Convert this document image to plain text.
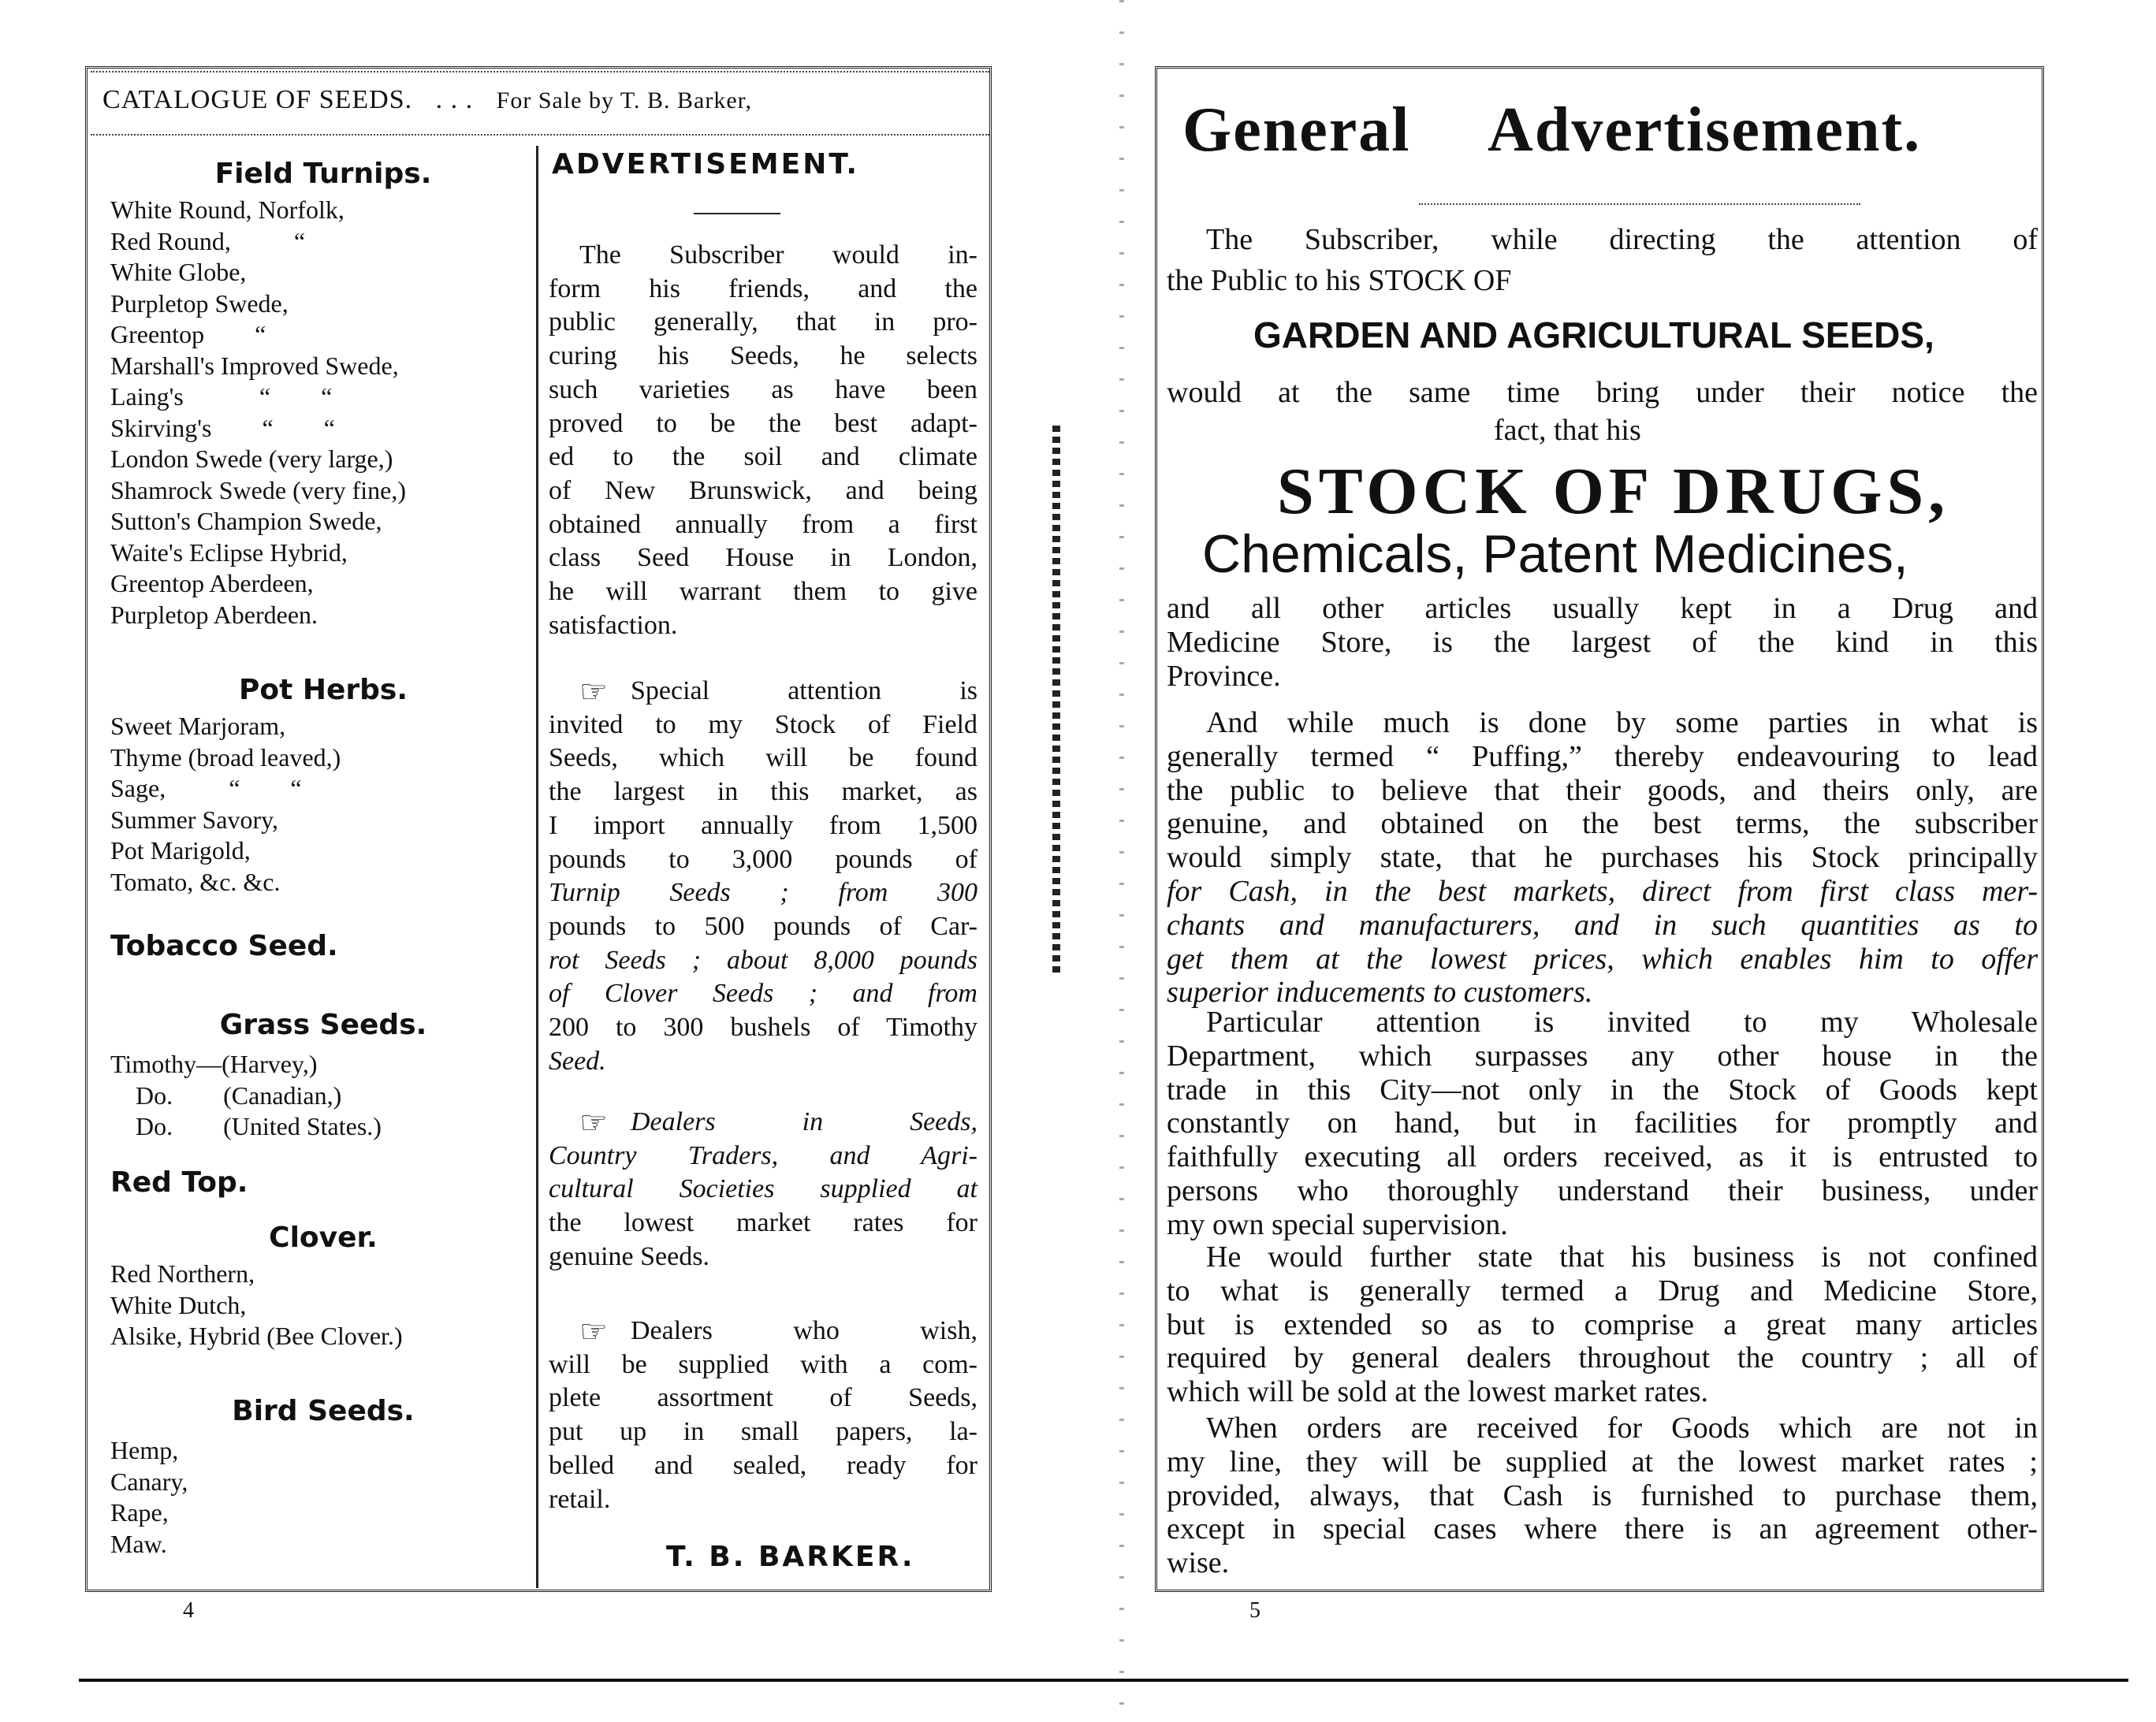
CATALOGUE OF SEEDS. . . . For Sale by T. B. Barker,
Field Turnips.
White Round, Norfolk,
Red Round,          “
White Globe,
Purpletop Swede,
Greentop        “
Marshall's Improved Swede,
Laing's            “        “
Skirving's        “        “
London Swede (very large,)
Shamrock Swede (very fine,)
Sutton's Champion Swede,
Waite's Eclipse Hybrid,
Greentop Aberdeen,
Purpletop Aberdeen.
Pot Herbs.
Sweet Marjoram,
Thyme (broad leaved,)
Sage,          “        “
Summer Savory,
Pot Marigold,
Tomato, &c. &c.
Tobacco Seed.
Grass Seeds.
Timothy—(Harvey,)
Do.        (Canadian,)
Do.        (United States.)
Red Top.
Clover.
Red Northern,
White Dutch,
Alsike, Hybrid (Bee Clover.)
Bird Seeds.
Hemp,
Canary,
Rape,
Maw.
ADVERTISEMENT.
The Subscriber would in-
form his friends, and the
public generally, that in pro-
curing his Seeds, he selects
such varieties as have been
proved to be the best adapt-
ed to the soil and climate
of New Brunswick, and being
obtained annually from a first
class Seed House in London,
he will warrant them to give
satisfaction.
Special attention is
invited to my Stock of Field
Seeds, which will be found
the largest in this market, as
I import annually from 1,500
pounds to 3,000 pounds of
Turnip Seeds ; from 300
pounds to 500 pounds of Car-
rot Seeds ; about 8,000 pounds
of Clover Seeds ; and from
200 to 300 bushels of Timothy
Seed.
☞
Dealers in Seeds,
Country Traders, and Agri-
cultural Societies supplied at
the lowest market rates for
genuine Seeds.
☞
Dealers who wish,
will be supplied with a com-
plete assortment of Seeds,
put up in small papers, la-
belled and sealed, ready for
retail.
☞
T. B. BARKER.
4
General Advertisement.
The Subscriber, while directing the attention of
the Public to his STOCK OF
GARDEN AND AGRICULTURAL SEEDS,
would at the same time bring under their notice the
fact, that his
STOCK OF DRUGS,
Chemicals, Patent Medicines,
and all other articles usually kept in a Drug and
Medicine Store, is the largest of the kind in this
Province.
And while much is done by some parties in what is
generally termed “ Puffing,” thereby endeavouring to lead
the public to believe that their goods, and theirs only, are
genuine, and obtained on the best terms, the subscriber
would simply state, that he purchases his Stock principally
for Cash, in the best markets, direct from first class mer-
chants and manufacturers, and in such quantities as to
get them at the lowest prices, which enables him to offer
superior inducements to customers.
Particular attention is invited to my Wholesale
Department, which surpasses any other house in the
trade in this City—not only in the Stock of Goods kept
constantly on hand, but in facilities for promptly and
faithfully executing all orders received, as it is entrusted to
persons who thoroughly understand their business, under
my own special supervision.
He would further state that his business is not confined
to what is generally termed a Drug and Medicine Store,
but is extended so as to comprise a great many articles
required by general dealers throughout the country ; all of
which will be sold at the lowest market rates.
When orders are received for Goods which are not in
my line, they will be supplied at the lowest market rates ;
provided, always, that Cash is furnished to purchase them,
except in special cases where there is an agreement other-
wise.
5
